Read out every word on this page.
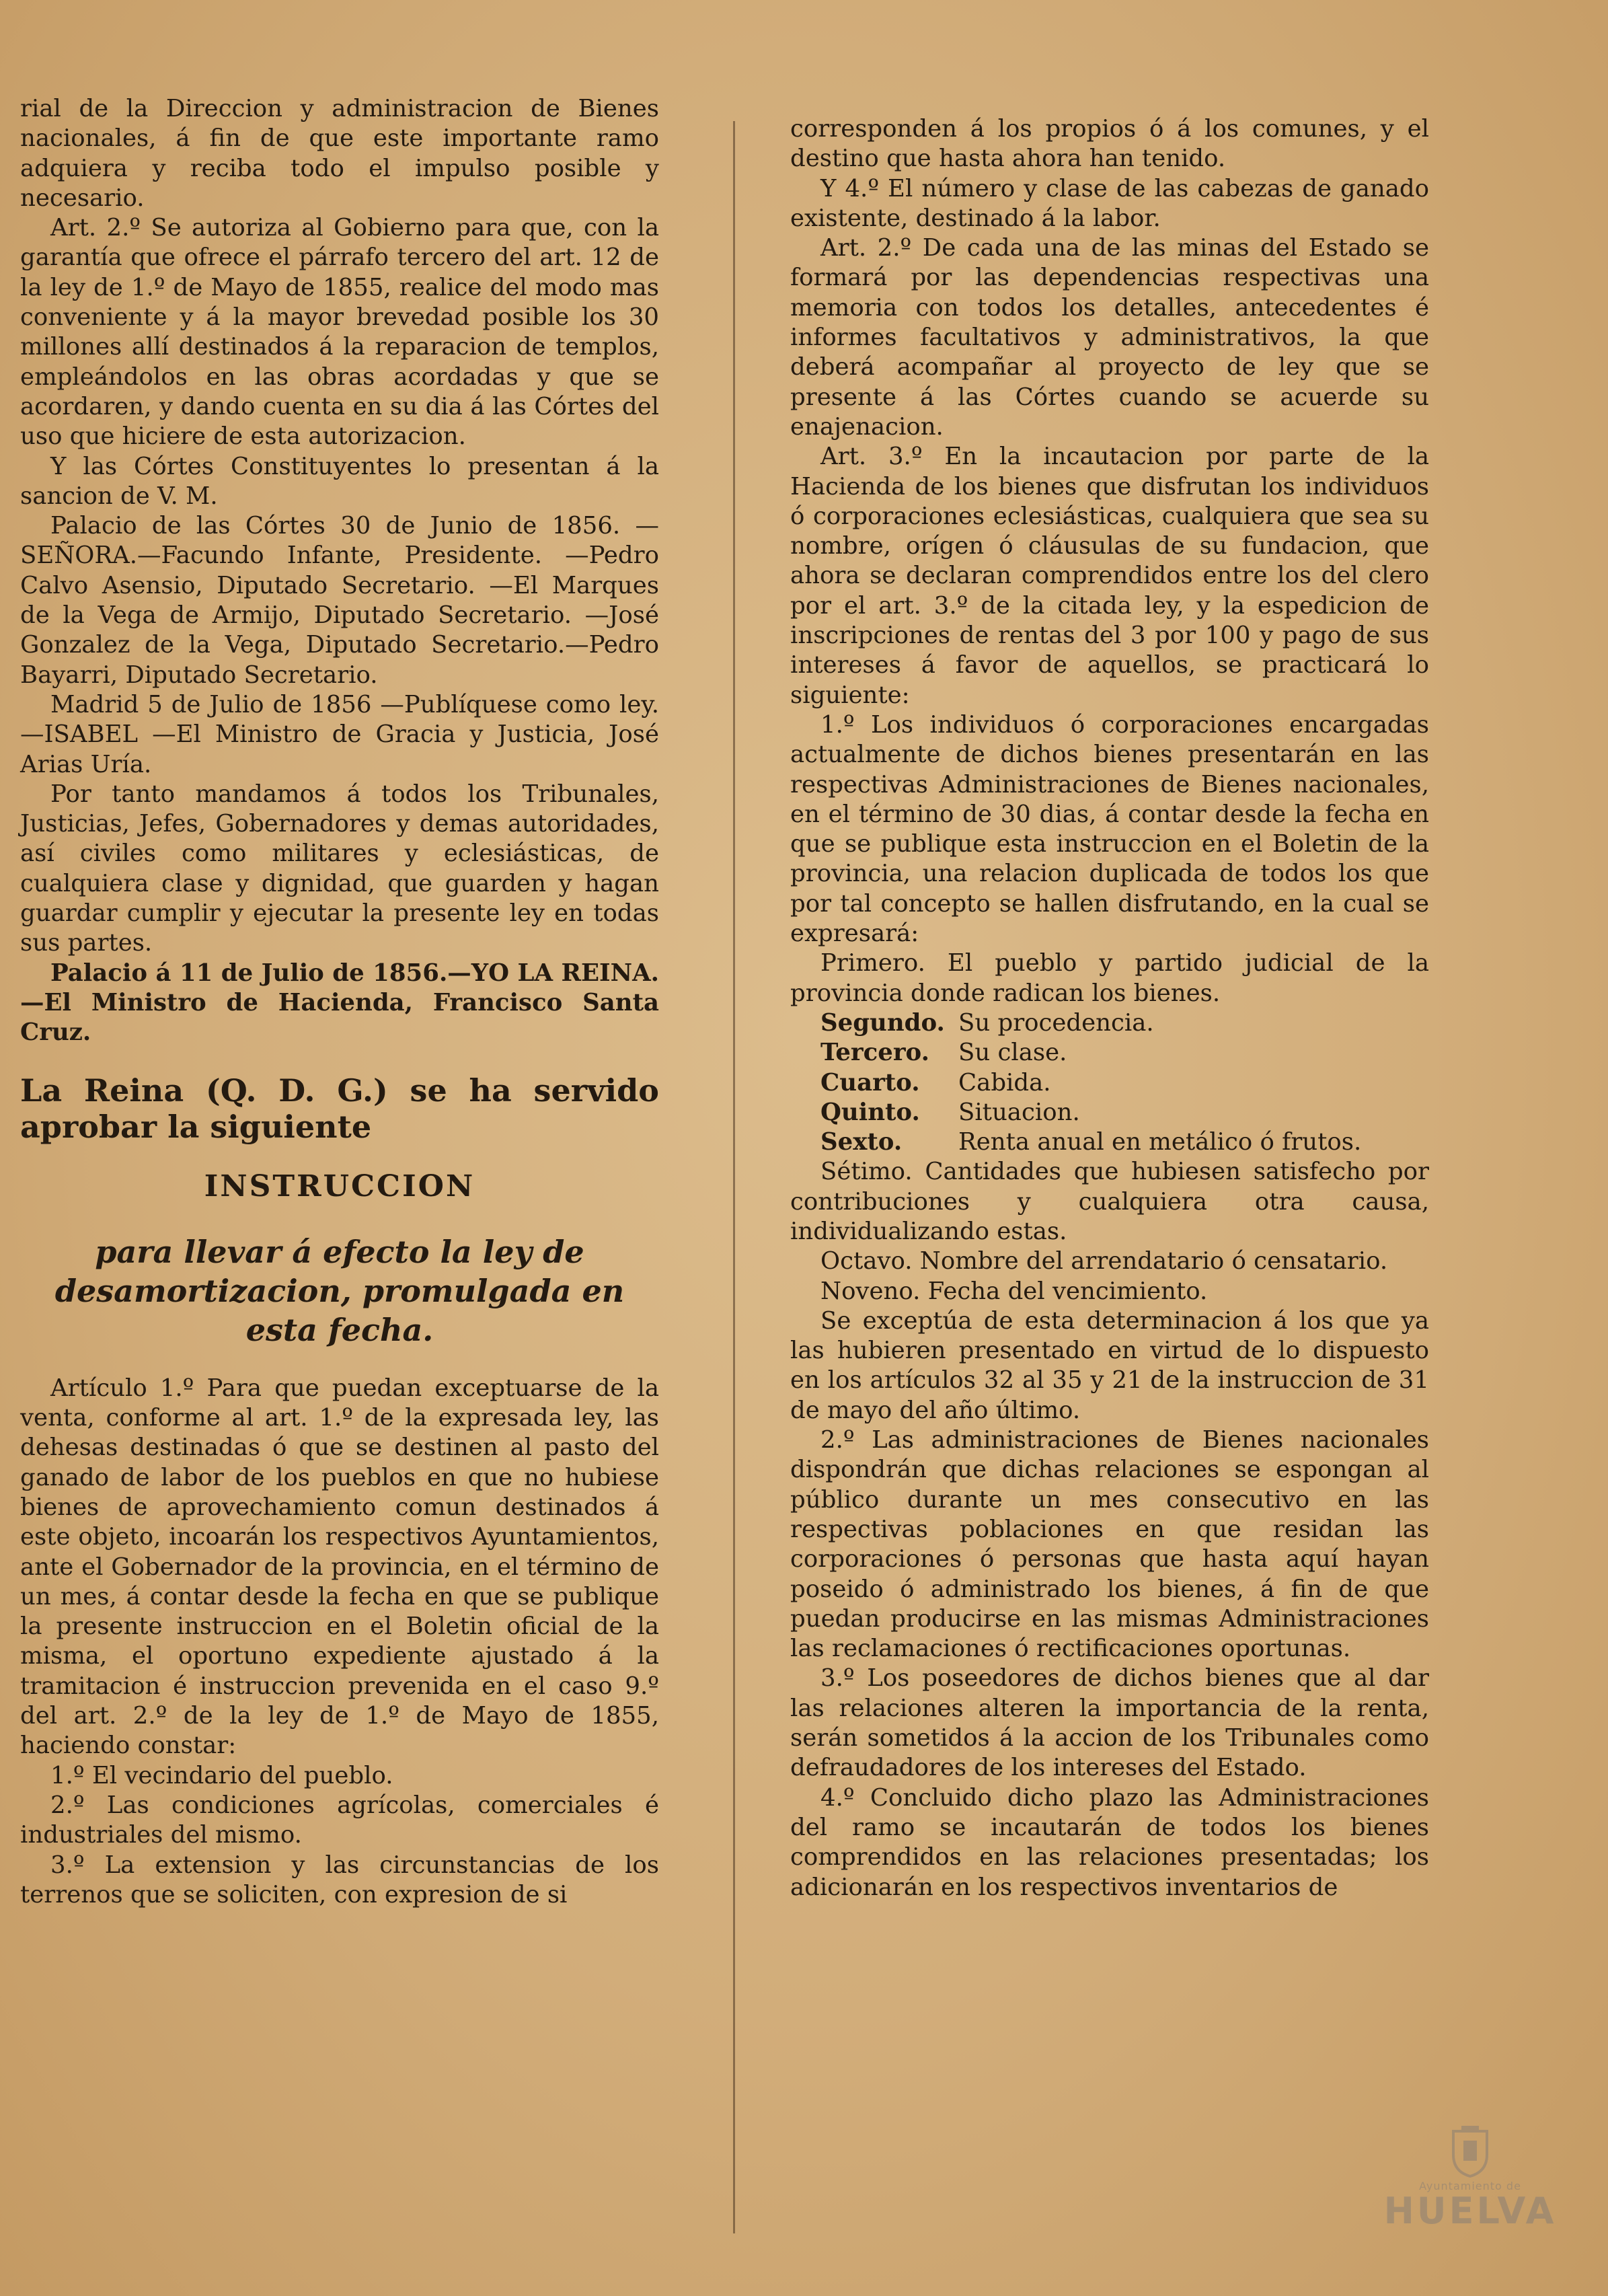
rial de la Direccion y administracion de Bienes nacionales, á fin de que este importante ramo adquiera y reciba todo el impulso posible y necesario.

Art. 2.º Se autoriza al Gobierno para que, con la garantía que ofrece el párrafo tercero del art. 12 de la ley de 1.º de Mayo de 1855, realice del modo mas conveniente y á la mayor brevedad posible los 30 millones allí destinados á la reparacion de templos, empleándolos en las obras acordadas y que se acordaren, y dando cuenta en su dia á las Córtes del uso que hiciere de esta autorizacion.

Y las Córtes Constituyentes lo presentan á la sancion de V. M.

Palacio de las Córtes 30 de Junio de 1856. —SEÑORA.—Facundo Infante, Presidente. —Pedro Calvo Asensio, Diputado Secretario. —El Marques de la Vega de Armijo, Diputado Secretario. —José Gonzalez de la Vega, Diputado Secretario.—Pedro Bayarri, Diputado Secretario.

Madrid 5 de Julio de 1856 —Publíquese como ley. —ISABEL —El Ministro de Gracia y Justicia, José Arias Uría.

Por tanto mandamos á todos los Tribunales, Justicias, Jefes, Gobernadores y demas autoridades, así civiles como militares y eclesiásticas, de cualquiera clase y dignidad, que guarden y hagan guardar cumplir y ejecutar la presente ley en todas sus partes.

Palacio á 11 de Julio de 1856.—YO LA REINA.—El Ministro de Hacienda, Francisco Santa Cruz.

La Reina (Q. D. G.) se ha servido aprobar la siguiente

INSTRUCCION

para llevar á efecto la ley de desamortizacion, promulgada en esta fecha.

Artículo 1.º Para que puedan exceptuarse de la venta, conforme al art. 1.º de la expresada ley, las dehesas destinadas ó que se destinen al pasto del ganado de labor de los pueblos en que no hubiese bienes de aprovechamiento comun destinados á este objeto, incoarán los respectivos Ayuntamientos, ante el Gobernador de la provincia, en el término de un mes, á contar desde la fecha en que se publique la presente instruccion en el Boletin oficial de la misma, el oportuno expediente ajustado á la tramitacion é instruccion prevenida en el caso 9.º del art. 2.º de la ley de 1.º de Mayo de 1855, haciendo constar:

1.º El vecindario del pueblo.

2.º Las condiciones agrícolas, comerciales é industriales del mismo.

3.º La extension y las circunstancias de los terrenos que se soliciten, con expresion de si

corresponden á los propios ó á los comunes, y el destino que hasta ahora han tenido.

Y 4.º El número y clase de las cabezas de ganado existente, destinado á la labor.

Art. 2.º De cada una de las minas del Estado se formará por las dependencias respectivas una memoria con todos los detalles, antecedentes é informes facultativos y administrativos, la que deberá acompañar al proyecto de ley que se presente á las Córtes cuando se acuerde su enajenacion.

Art. 3.º En la incautacion por parte de la Hacienda de los bienes que disfrutan los individuos ó corporaciones eclesiásticas, cualquiera que sea su nombre, orígen ó cláusulas de su fundacion, que ahora se declaran comprendidos entre los del clero por el art. 3.º de la citada ley, y la espedicion de inscripciones de rentas del 3 por 100 y pago de sus intereses á favor de aquellos, se practicará lo siguiente:

1.º Los individuos ó corporaciones encargadas actualmente de dichos bienes presentarán en las respectivas Administraciones de Bienes nacionales, en el término de 30 dias, á contar desde la fecha en que se publique esta instruccion en el Boletin de la provincia, una relacion duplicada de todos los que por tal concepto se hallen disfrutando, en la cual se expresará:

Primero. El pueblo y partido judicial de la provincia donde radican los bienes.

Segundo. Su procedencia.

Tercero. Su clase.

Cuarto. Cabida.

Quinto. Situacion.

Sexto. Renta anual en metálico ó frutos.

Sétimo. Cantidades que hubiesen satisfecho por contribuciones y cualquiera otra causa, individualizando estas.

Octavo. Nombre del arrendatario ó censatario.

Noveno. Fecha del vencimiento.

Se exceptúa de esta determinacion á los que ya las hubieren presentado en virtud de lo dispuesto en los artículos 32 al 35 y 21 de la instruccion de 31 de mayo del año último.

2.º Las administraciones de Bienes nacionales dispondrán que dichas relaciones se espongan al público durante un mes consecutivo en las respectivas poblaciones en que residan las corporaciones ó personas que hasta aquí hayan poseido ó administrado los bienes, á fin de que puedan producirse en las mismas Administraciones las reclamaciones ó rectificaciones oportunas.

3.º Los poseedores de dichos bienes que al dar las relaciones alteren la importancia de la renta, serán sometidos á la accion de los Tribunales como defraudadores de los intereses del Estado.

4.º Concluido dicho plazo las Administraciones del ramo se incautarán de todos los bienes comprendidos en las relaciones presentadas; los adicionarán en los respectivos inventarios de

Ayuntamiento de
HUELVA
